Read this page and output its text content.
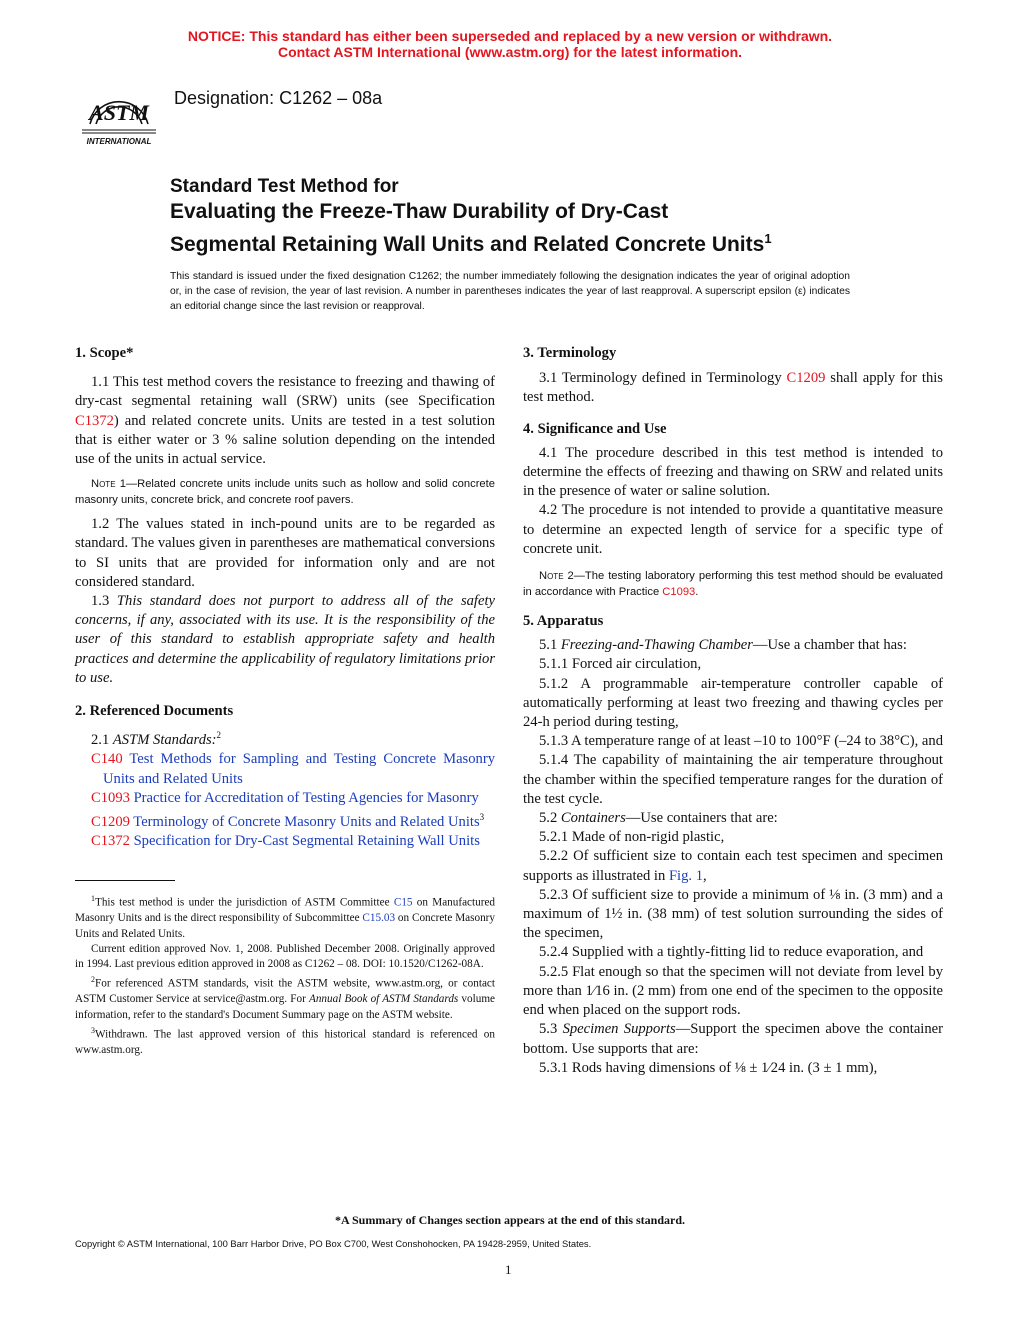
NOTICE: This standard has either been superseded and replaced by a new version or withdrawn.
Contact ASTM International (www.astm.org) for the latest information.
ASTM
INTERNATIONAL
Designation: C1262 – 08a
Standard Test Method for
Evaluating the Freeze-Thaw Durability of Dry-Cast
Segmental Retaining Wall Units and Related Concrete Units$^1$
This standard is issued under the fixed designation C1262; the number immediately following the designation indicates the year of original adoption or, in the case of revision, the year of last revision. A number in parentheses indicates the year of last reapproval. A superscript epsilon (ε) indicates an editorial change since the last revision or reapproval.

1. Scope*

1.1 This test method covers the resistance to freezing and thawing of dry-cast segmental retaining wall (SRW) units (see Specification C1372) and related concrete units. Units are tested in a test solution that is either water or 3 % saline solution depending on the intended use of the units in actual service.

Note 1—Related concrete units include units such as hollow and solid concrete masonry units, concrete brick, and concrete roof pavers.

1.2 The values stated in inch-pound units are to be regarded as standard. The values given in parentheses are mathematical conversions to SI units that are provided for information only and are not considered standard.

1.3 This standard does not purport to address all of the safety concerns, if any, associated with its use. It is the responsibility of the user of this standard to establish appropriate safety and health practices and determine the applicability of regulatory limitations prior to use.

2. Referenced Documents

2.1 ASTM Standards:$^2$

C140 Test Methods for Sampling and Testing Concrete Masonry Units and Related Units

C1093 Practice for Accreditation of Testing Agencies for Masonry

C1209 Terminology of Concrete Masonry Units and Related Units$^3$

C1372 Specification for Dry-Cast Segmental Retaining Wall Units

$^1$This test method is under the jurisdiction of ASTM Committee C15 on Manufactured Masonry Units and is the direct responsibility of Subcommittee C15.03 on Concrete Masonry Units and Related Units.

Current edition approved Nov. 1, 2008. Published December 2008. Originally approved in 1994. Last previous edition approved in 2008 as C1262 – 08. DOI: 10.1520/C1262-08A.

$^2$For referenced ASTM standards, visit the ASTM website, www.astm.org, or contact ASTM Customer Service at service@astm.org. For Annual Book of ASTM Standards volume information, refer to the standard's Document Summary page on the ASTM website.

$^3$Withdrawn. The last approved version of this historical standard is referenced on www.astm.org.

3. Terminology

3.1 Terminology defined in Terminology C1209 shall apply for this test method.

4. Significance and Use

4.1 The procedure described in this test method is intended to determine the effects of freezing and thawing on SRW and related units in the presence of water or saline solution.

4.2 The procedure is not intended to provide a quantitative measure to determine an expected length of service for a specific type of concrete unit.

Note 2—The testing laboratory performing this test method should be evaluated in accordance with Practice C1093.

5. Apparatus

5.1 Freezing-and-Thawing Chamber—Use a chamber that has:

5.1.1 Forced air circulation,

5.1.2 A programmable air-temperature controller capable of automatically performing at least two freezing and thawing cycles per 24-h period during testing,

5.1.3 A temperature range of at least –10 to 100°F (–24 to 38°C), and

5.1.4 The capability of maintaining the air temperature throughout the chamber within the specified temperature ranges for the duration of the test cycle.

5.2 Containers—Use containers that are:

5.2.1 Made of non-rigid plastic,

5.2.2 Of sufficient size to contain each test specimen and specimen supports as illustrated in Fig. 1,

5.2.3 Of sufficient size to provide a minimum of ⅛ in. (3 mm) and a maximum of 1½ in. (38 mm) of test solution surrounding the sides of the specimen,

5.2.4 Supplied with a tightly-fitting lid to reduce evaporation, and

5.2.5 Flat enough so that the specimen will not deviate from level by more than 1⁄16 in. (2 mm) from one end of the specimen to the opposite end when placed on the support rods.

5.3 Specimen Supports—Support the specimen above the container bottom. Use supports that are:

5.3.1 Rods having dimensions of ⅛ ± 1⁄24 in. (3 ± 1 mm),

*A Summary of Changes section appears at the end of this standard.
Copyright © ASTM International, 100 Barr Harbor Drive, PO Box C700, West Conshohocken, PA 19428-2959, United States.
1
